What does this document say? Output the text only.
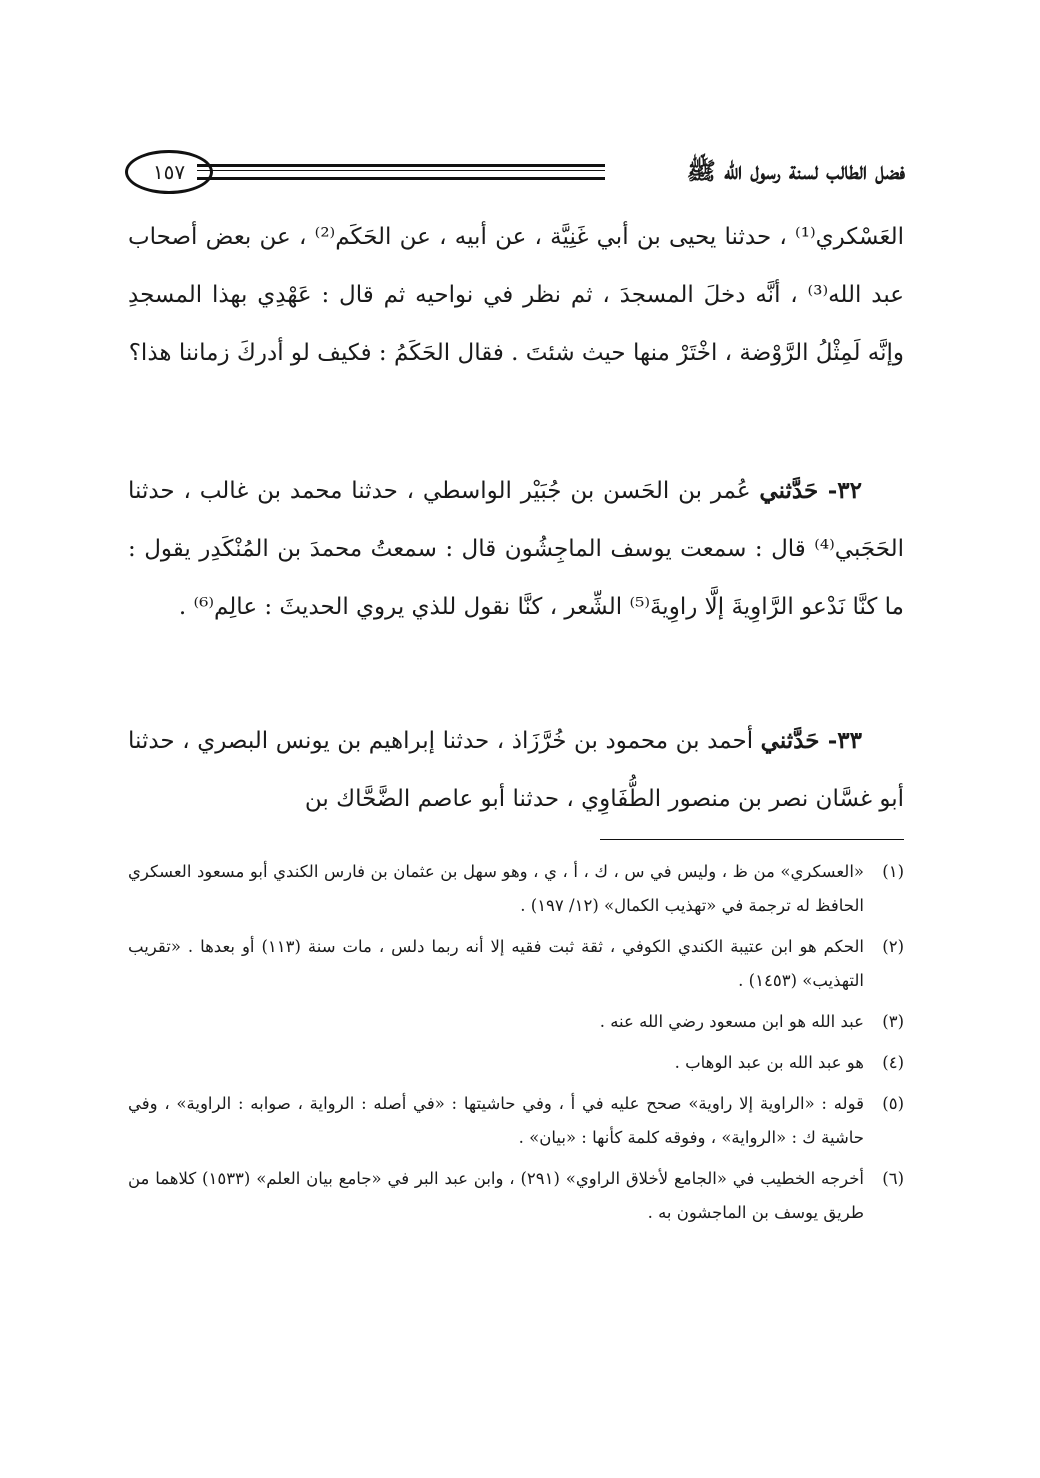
١٥٧	فضل الطالب لسنة رسول الله ﷺ

العَسْكري⁽¹⁾ ، حدثنا يحيى بن أبي غَنِيَّة ، عن أبيه ، عن الحَكَم⁽²⁾ ، عن بعض أصحاب عبد الله⁽³⁾ ، أنَّه دخلَ المسجدَ ، ثم نظر في نواحيه ثم قال : عَهْدِي بهذا المسجدِ وإنَّه لَمِثْلُ الرَّوْضة ، اخْتَرْ منها حيث شئتَ . فقال الحَكَمُ : فكيف لو أدركَ زماننا هذا؟

٣٢- حَدَّثني عُمر بن الحَسن بن جُبَيْر الواسطي ، حدثنا محمد بن غالب ، حدثنا الحَجَبي⁽⁴⁾ قال : سمعت يوسف الماجِشُون قال : سمعتُ محمدَ بن المُنْكَدِر يقول : ما كنَّا نَدْعو الرَّاوِيةَ إلَّا راوِيةَ⁽⁵⁾ الشِّعر ، كنَّا نقول للذي يروي الحديثَ : عالِم⁽⁶⁾ .

٣٣- حَدَّثني أحمد بن محمود بن خُرَّزَاذ ، حدثنا إبراهيم بن يونس البصري ، حدثنا أبو غسَّان نصر بن منصور الطُّفَاوِي ، حدثنا أبو عاصم الضَّحَّاك بن

(١)
«العسكري» من ظ ، وليس في س ، ك ، أ ، ي ، وهو سهل بن عثمان بن فارس الكندي أبو مسعود العسكري الحافظ له ترجمة في «تهذيب الكمال» (١٢/ ١٩٧) .
(٢)
الحكم هو ابن عتيبة الكندي الكوفي ، ثقة ثبت فقيه إلا أنه ربما دلس ، مات سنة (١١٣) أو بعدها . «تقريب التهذيب» (١٤٥٣) .
(٣)
عبد الله هو ابن مسعود رضي الله عنه .
(٤)
هو عبد الله بن عبد الوهاب .
(٥)
قوله : «الراوية إلا راوية» صحح عليه في أ ، وفي حاشيتها : «في أصله : الرواية ، صوابه : الراوية» ، وفي حاشية ك : «الرواية» ، وفوقه كلمة كأنها : «بيان» .
(٦)
أخرجه الخطيب في «الجامع لأخلاق الراوي» (٢٩١) ، وابن عبد البر في «جامع بيان العلم» (١٥٣٣) كلاهما من طريق يوسف بن الماجشون به .
